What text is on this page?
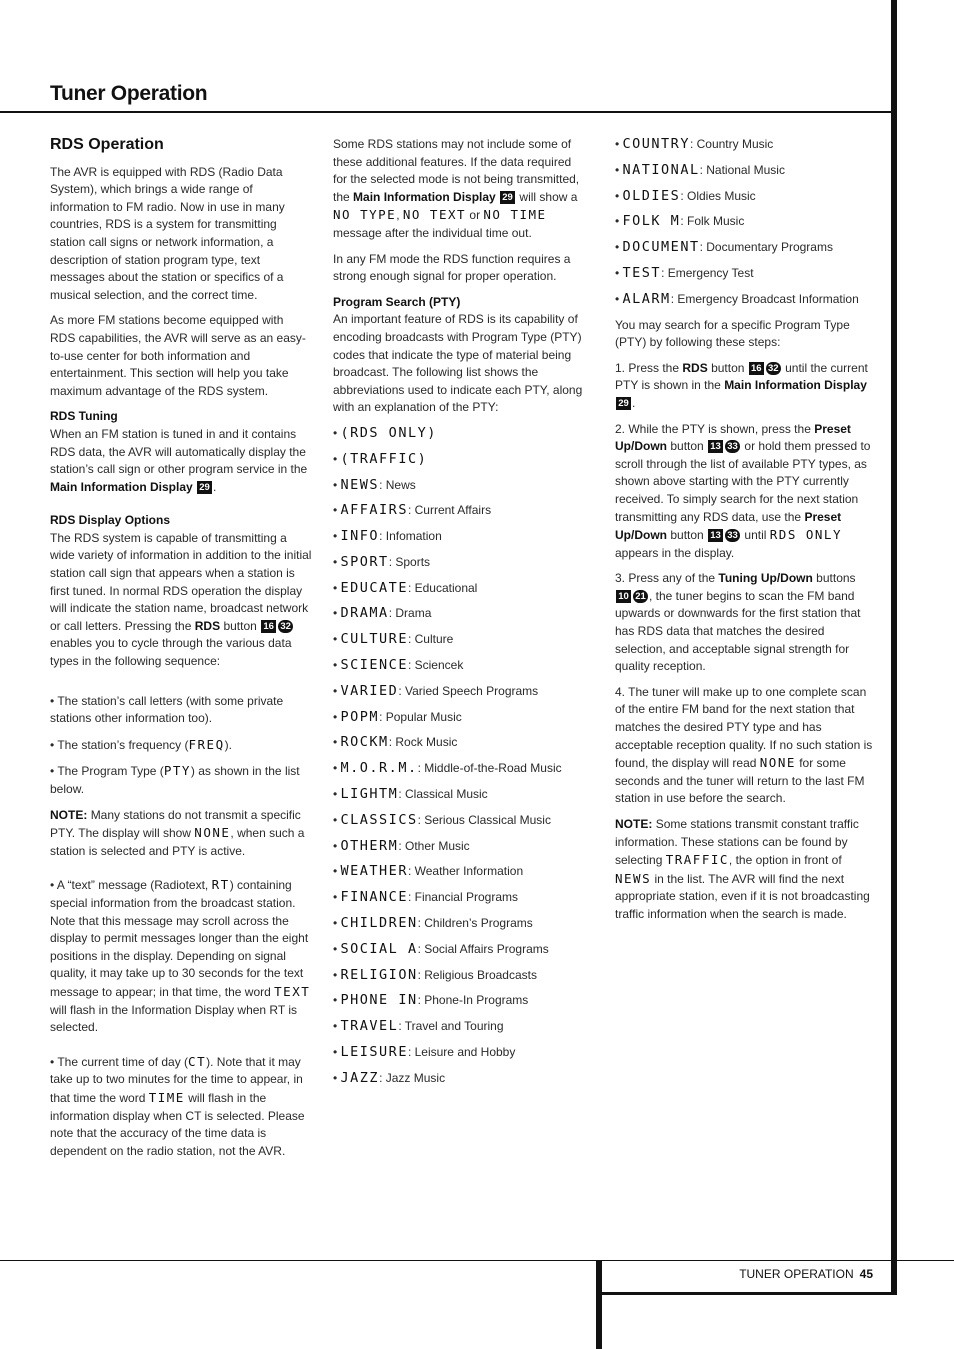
Tuner Operation
RDS Operation

The AVR is equipped with RDS (Radio Data System), which brings a wide range of information to FM radio. Now in use in many countries, RDS is a system for transmitting station call signs or network information, a description of station program type, text messages about the station or specifics of a musical selection, and the correct time.

As more FM stations become equipped with RDS capabilities, the AVR will serve as an easy-to-use center for both information and entertainment. This section will help you take maximum advantage of the RDS system.

RDS Tuning
When an FM station is tuned in and it contains RDS data, the AVR will automatically display the station’s call sign or other program service in the Main Information Display 29 .

RDS Display Options
The RDS system is capable of transmitting a wide variety of information in addition to the initial station call sign that appears when a station is first tuned. In normal RDS operation the display will indicate the station name, broadcast network or call letters. Pressing the RDS button 16 32 enables you to cycle through the various data types in the following sequence:

• The station’s call letters (with some private stations other information too).

• The station’s frequency (FREQ).

• The Program Type (PTY) as shown in the list below.

NOTE: Many stations do not transmit a specific PTY. The display will show NONE, when such a station is selected and PTY is active.

• A “text” message (Radiotext, RT) containing special information from the broadcast station. Note that this message may scroll across the display to permit messages longer than the eight positions in the display. Depending on signal quality, it may take up to 30 seconds for the text message to appear; in that time, the word TEXT will flash in the Information Display when RT is selected.

• The current time of day (CT). Note that it may take up to two minutes for the time to appear, in that time the word TIME will flash in the information display when CT is selected. Please note that the accuracy of the time data is dependent on the radio station, not the AVR.

Some RDS stations may not include some of these additional features. If the data required for the selected mode is not being transmitted, the Main Information Display 29 will show a NO TYPE, NO TEXT or NO TIME message after the individual time out.

In any FM mode the RDS function requires a strong enough signal for proper operation.

Program Search (PTY)
An important feature of RDS is its capability of encoding broadcasts with Program Type (PTY) codes that indicate the type of material being broadcast. The following list shows the abbreviations used to indicate each PTY, along with an explanation of the PTY:

• (RDS ONLY)

• (TRAFFIC)

• NEWS: News

• AFFAIRS: Current Affairs

• INFO: Infomation

• SPORT: Sports

• EDUCATE: Educational

• DRAMA: Drama

• CULTURE: Culture

• SCIENCE: Sciencek

• VARIED: Varied Speech Programs

• POPM: Popular Music

• ROCKM: Rock Music

• M.O.R.M.: Middle-of-the-Road Music

• LIGHTM: Classical Music

• CLASSICS: Serious Classical Music

• OTHERM: Other Music

• WEATHER: Weather Information

• FINANCE: Financial Programs

• CHILDREN: Children’s Programs

• SOCIAL A: Social Affairs Programs

• RELIGION: Religious Broadcasts

• PHONE IN: Phone-In Programs

• TRAVEL: Travel and Touring

• LEISURE: Leisure and Hobby

• JAZZ: Jazz Music

• COUNTRY: Country Music

• NATIONAL: National Music

• OLDIES: Oldies Music

• FOLK M: Folk Music

• DOCUMENT: Documentary Programs

• TEST: Emergency Test

• ALARM: Emergency Broadcast Information

You may search for a specific Program Type (PTY) by following these steps:

1. Press the RDS button 16 32 until the current PTY is shown in the Main Information Display 29 .

2. While the PTY is shown, press the Preset Up/Down button 13 33 or hold them pressed to scroll through the list of available PTY types, as shown above starting with the PTY currently received. To simply search for the next station transmitting any RDS data, use the Preset Up/Down button 13 33 until RDS ONLY appears in the display.

3. Press any of the Tuning Up/Down buttons 10 21 , the tuner begins to scan the FM band upwards or downwards for the first station that has RDS data that matches the desired selection, and acceptable signal strength for quality reception.

4. The tuner will make up to one complete scan of the entire FM band for the next station that matches the desired PTY type and has acceptable reception quality. If no such station is found, the display will read NONE for some seconds and the tuner will return to the last FM station in use before the search.

NOTE: Some stations transmit constant traffic information. These stations can be found by selecting TRAFFIC, the option in front of NEWS in the list. The AVR will find the next appropriate station, even if it is not broadcasting traffic information when the search is made.

TUNER OPERATION 45
